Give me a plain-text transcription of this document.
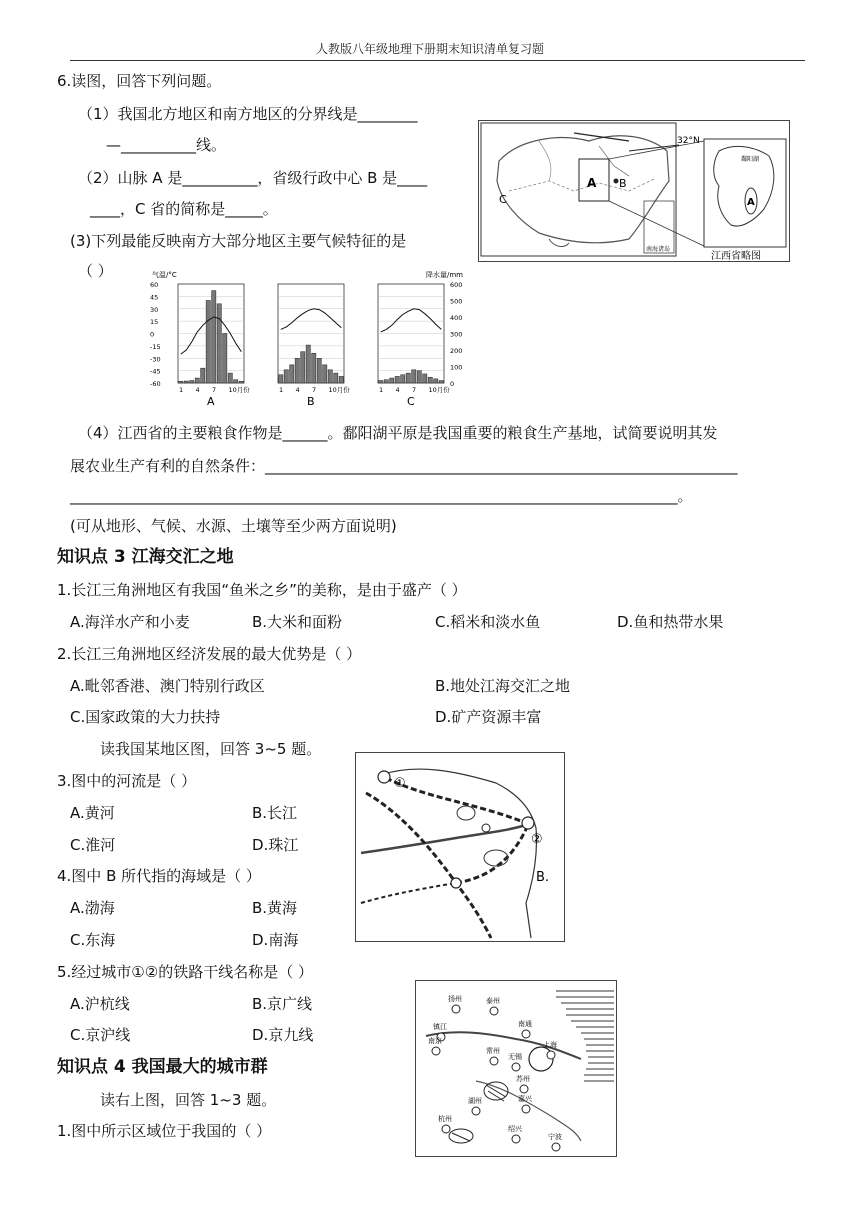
人教版八年级地理下册期末知识清单复习题
6.读图，回答下列问题。
（1）我国北方地区和南方地区的分界线是________
—__________线。
（2）山脉 A 是__________，省级行政中心 B 是____
____，C 省的简称是_____。
(3)下列最能反映南方大部分地区主要气候特征的是
（ ）
32°N
A B
C
南海诸岛
A
鄱阳湖
江西省略图
气温/°C	降水量/mm
60
45
30
15
0
-15
-30
-45
-60
600
500
400
300
200
100
0
1 4 7 10月份
A
1 4 7 10月份
B
1 4 7 10月份
C
（4）江西省的主要粮食作物是______。鄱阳湖平原是我国重要的粮食生产基地，试简要说明其发
展农业生产有利的自然条件：_______________________________________________________________
_________________________________________________________________________________。
(可从地形、气候、水源、土壤等至少两方面说明)
知识点 3 江海交汇之地
1.长江三角洲地区有我国“鱼米之乡”的美称，是由于盛产（ ）
A.海洋水产和小麦	B.大米和面粉	C.稻米和淡水鱼	D.鱼和热带水果
2.长江三角洲地区经济发展的最大优势是（ ）
A.毗邻香港、澳门特别行政区	B.地处江海交汇之地
C.国家政策的大力扶持	D.矿产资源丰富
读我国某地区图，回答 3~5 题。
3.图中的河流是（ ）
A.黄河	B.长江
C.淮河	D.珠江
4.图中 B 所代指的海域是（ ）
A.渤海	B.黄海
C.东海	D.南海
5.经过城市①②的铁路干线名称是（ ）
A.沪杭线	B.京广线
C.京沪线	D.京九线
①
②
B.
扬州	泰州
镇江
南京
南通
常州
无锡
上海
苏州
湖州	嘉兴
杭州
绍兴
宁波
知识点 4 我国最大的城市群
读右上图，回答 1~3 题。
1.图中所示区域位于我国的（ ）
